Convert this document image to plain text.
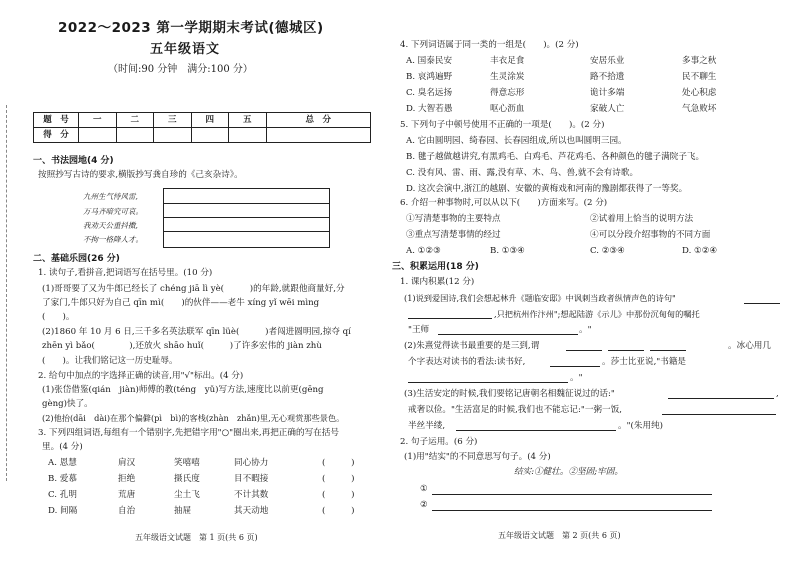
2022～2023 第一学期期末考试(德城区)
五年级语文
（时间:90 分钟　满分:100 分）
题　号	一	二	三	四	五	总　分
得　分						
一、书法园地(4 分)
按照抄写古诗的要求,横版抄写龚自珍的《己亥杂诗》。
九州生气恃风雷,
万马齐喑究可哀。
我劝天公重抖擞,
不拘一格降人才。
二、基础乐园(26 分)
1. 读句子,看拼音,把词语写在括号里。(10 分)
(1)哥哥要了又为牛郎已经长了 chéng jiā lì yè(　　　)的年龄,就跟他商量好,分
了家门,牛郎只好为自己 qīn mì(　　)的伙伴——老牛 xíng yǐ wēi mìng
(　　)。
(2)1860 年 10 月 6 日,三千多名英法联军 qīn lüè(　　　)者闯进圆明园,掠夺 qí
zhēn yì bǎo(　　　　),还放火 shāo huǐ(　　　)了许多宏伟的 jiàn zhù
(　　)。让我们铭记这一历史耻辱。
2. 给句中加点的字选择正确的读音,用"√"标出。(4 分)
(1)张岱借鉴(qián　jiàn)师傅的教(téng　yǔ)写方法,速度比以前更(gēng
gèng)快了。
(2)他抬(dāi　dài)在那个偏僻(pì　bì)的客栈(zhàn　zhǎn)里,无心观赏那些景色。
3. 下列四组词语,每组有一个错别字,先把错字用"○"圈出来,再把正确的写在括号
里。(4 分)
A. 恩慧	肩汉	笑嘻嘻	同心协力	(　　　)
B. 爱慕	拒绝	摄氏度	目不暇接	(　　　)
C. 孔明	荒唐	尘土飞	不计其数	(　　　)
D. 间隔	自治	抽屉	其天动地	(　　　)
五年级语文试题　第 1 页(共 6 页)
4. 下列词语属于同一类的一组是(　　)。(2 分)
A. 国泰民安	丰衣足食	安居乐业	多事之秋
B. 哀鸿遍野	生灵涂炭	路不拾遗	民不聊生
C. 臭名远扬	得意忘形	诡计多端	处心积虑
D. 大智若愚	呕心沥血	家破人亡	气急败坏
5. 下列句子中顿号使用不正确的一项是(　　)。(2 分)
A. 它由圆明园、绮春园、长春园组成,所以也叫圆明三园。
B. 毽子越做越讲究,有黑鸡毛、白鸡毛、芦花鸡毛、各种颜色的毽子满院子飞。
C. 没有风、雷、雨、露,没有草、木、鸟、兽,就不会有诗歌。
D. 这次会演中,浙江的越剧、安徽的黄梅戏和河南的豫剧都获得了一等奖。
6. 介绍一种事物时,可以从以下(　　)方面来写。(2 分)
①写清楚事物的主要特点	②试着用上恰当的说明方法
③重点写清楚事情的经过	④可以分段介绍事物的不同方面
A. ①②③	B. ①③④	C. ②③④	D. ①②④
三、积累运用(18 分)
1. 课内积累(12 分)
(1)说到爱国诗,我们会想起林升《题临安邸》中讽刺当政者纵情声色的诗句"
,只把杭州作汴州";想起陆游《示儿》中那份沉甸甸的嘱托
"王师	。"
(2)朱熹觉得读书最重要的是三到,谓	。冰心用几
个字表达对读书的看法:读书好,	。莎士比亚说,"书籍是
。"
(3)生活安定的时候,我们要铭记唐朝名相魏征说过的话:"	,
戒奢以俭。"生活富足的时候,我们也不能忘记:"一粥一饭,
半丝半缕,	。"(朱用纯)
2. 句子运用。(6 分)
(1)用"结实"的不同意思写句子。(4 分)
结实:①健壮。②坚固;牢固。
①
②
五年级语文试题　第 2 页(共 6 页)
